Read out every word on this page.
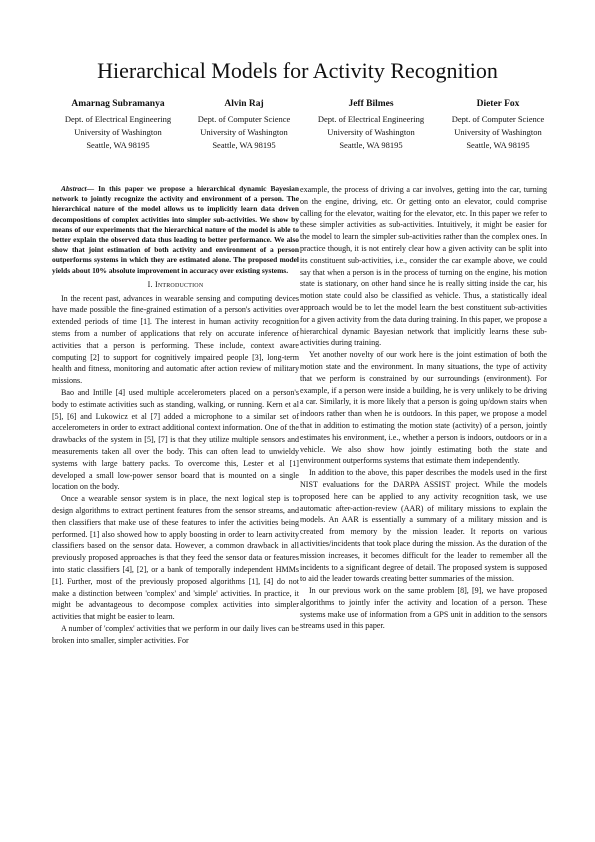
Hierarchical Models for Activity Recognition
Amarnag Subramanya
Dept. of Electrical Engineering
University of Washington
Seattle, WA 98195
Alvin Raj
Dept. of Computer Science
University of Washington
Seattle, WA 98195
Jeff Bilmes
Dept. of Electrical Engineering
University of Washington
Seattle, WA 98195
Dieter Fox
Dept. of Computer Science
University of Washington
Seattle, WA 98195

Abstract— In this paper we propose a hierarchical dynamic Bayesian network to jointly recognize the activity and environment of a person. The hierarchical nature of the model allows us to implicitly learn data driven decompositions of complex activities into simpler sub-activities. We show by means of our experiments that the hierarchical nature of the model is able to better explain the observed data thus leading to better performance. We also show that joint estimation of both activity and environment of a person outperforms systems in which they are estimated alone. The proposed model yields about 10% absolute improvement in accuracy over existing systems.

I. Introduction

In the recent past, advances in wearable sensing and computing devices have made possible the fine-grained estimation of a person's activities over extended periods of time [1]. The interest in human activity recognition stems from a number of applications that rely on accurate inference of activities that a person is performing. These include, context aware computing [2] to support for cognitively impaired people [3], long-term health and fitness, monitoring and automatic after action review of military missions.

Bao and Intille [4] used multiple accelerometers placed on a person's body to estimate activities such as standing, walking, or running. Kern et al [5], [6] and Lukowicz et al [7] added a microphone to a similar set of accelerometers in order to extract additional context information. One of the drawbacks of the system in [5], [7] is that they utilize multiple sensors and measurements taken all over the body. This can often lead to unwieldy systems with large battery packs. To overcome this, Lester et al [1] developed a small low-power sensor board that is mounted on a single location on the body.

Once a wearable sensor system is in place, the next logical step is to design algorithms to extract pertinent features from the sensor streams, and then classifiers that make use of these features to infer the activities being performed. [1] also showed how to apply boosting in order to learn activity classifiers based on the sensor data. However, a common drawback in all previously proposed approaches is that they feed the sensor data or features into static classifiers [4], [2], or a bank of temporally independent HMMs [1]. Further, most of the previously proposed algorithms [1], [4] do not make a distinction between 'complex' and 'simple' activities. In practice, it might be advantageous to decompose complex activities into simpler activities that might be easier to learn.

A number of 'complex' activities that we perform in our daily lives can be broken into smaller, simpler activities. For

example, the process of driving a car involves, getting into the car, turning on the engine, driving, etc. Or getting onto an elevator, could comprise calling for the elevator, waiting for the elevator, etc. In this paper we refer to these simpler activities as sub-activities. Intuitively, it might be easier for the model to learn the simpler sub-activities rather than the complex ones. In practice though, it is not entirely clear how a given activity can be split into its constituent sub-activities, i.e., consider the car example above, we could say that when a person is in the process of turning on the engine, his motion state is stationary, on other hand since he is really sitting inside the car, his motion state could also be classified as vehicle. Thus, a statistically ideal approach would be to let the model learn the best constituent sub-activities for a given activity from the data during training. In this paper, we propose a hierarchical dynamic Bayesian network that implicitly learns these sub-activities during training.

Yet another novelty of our work here is the joint estimation of both the motion state and the environment. In many situations, the type of activity that we perform is constrained by our surroundings (environment). For example, if a person were inside a building, he is very unlikely to be driving a car. Similarly, it is more likely that a person is going up/down stairs when indoors rather than when he is outdoors. In this paper, we propose a model that in addition to estimating the motion state (activity) of a person, jointly estimates his environment, i.e., whether a person is indoors, outdoors or in a vehicle. We also show how jointly estimating both the state and environment outperforms systems that estimate them independently.

In addition to the above, this paper describes the models used in the first NIST evaluations for the DARPA ASSIST project. While the models proposed here can be applied to any activity recognition task, we use automatic after-action-review (AAR) of military missions to explain the models. An AAR is essentially a summary of a military mission and is created from memory by the mission leader. It reports on various activities/incidents that took place during the mission. As the duration of the mission increases, it becomes difficult for the leader to remember all the incidents to a significant degree of detail. The proposed system is supposed to aid the leader towards creating better summaries of the mission.

In our previous work on the same problem [8], [9], we have proposed algorithms to jointly infer the activity and location of a person. These systems make use of information from a GPS unit in addition to the sensors streams used in this paper.
